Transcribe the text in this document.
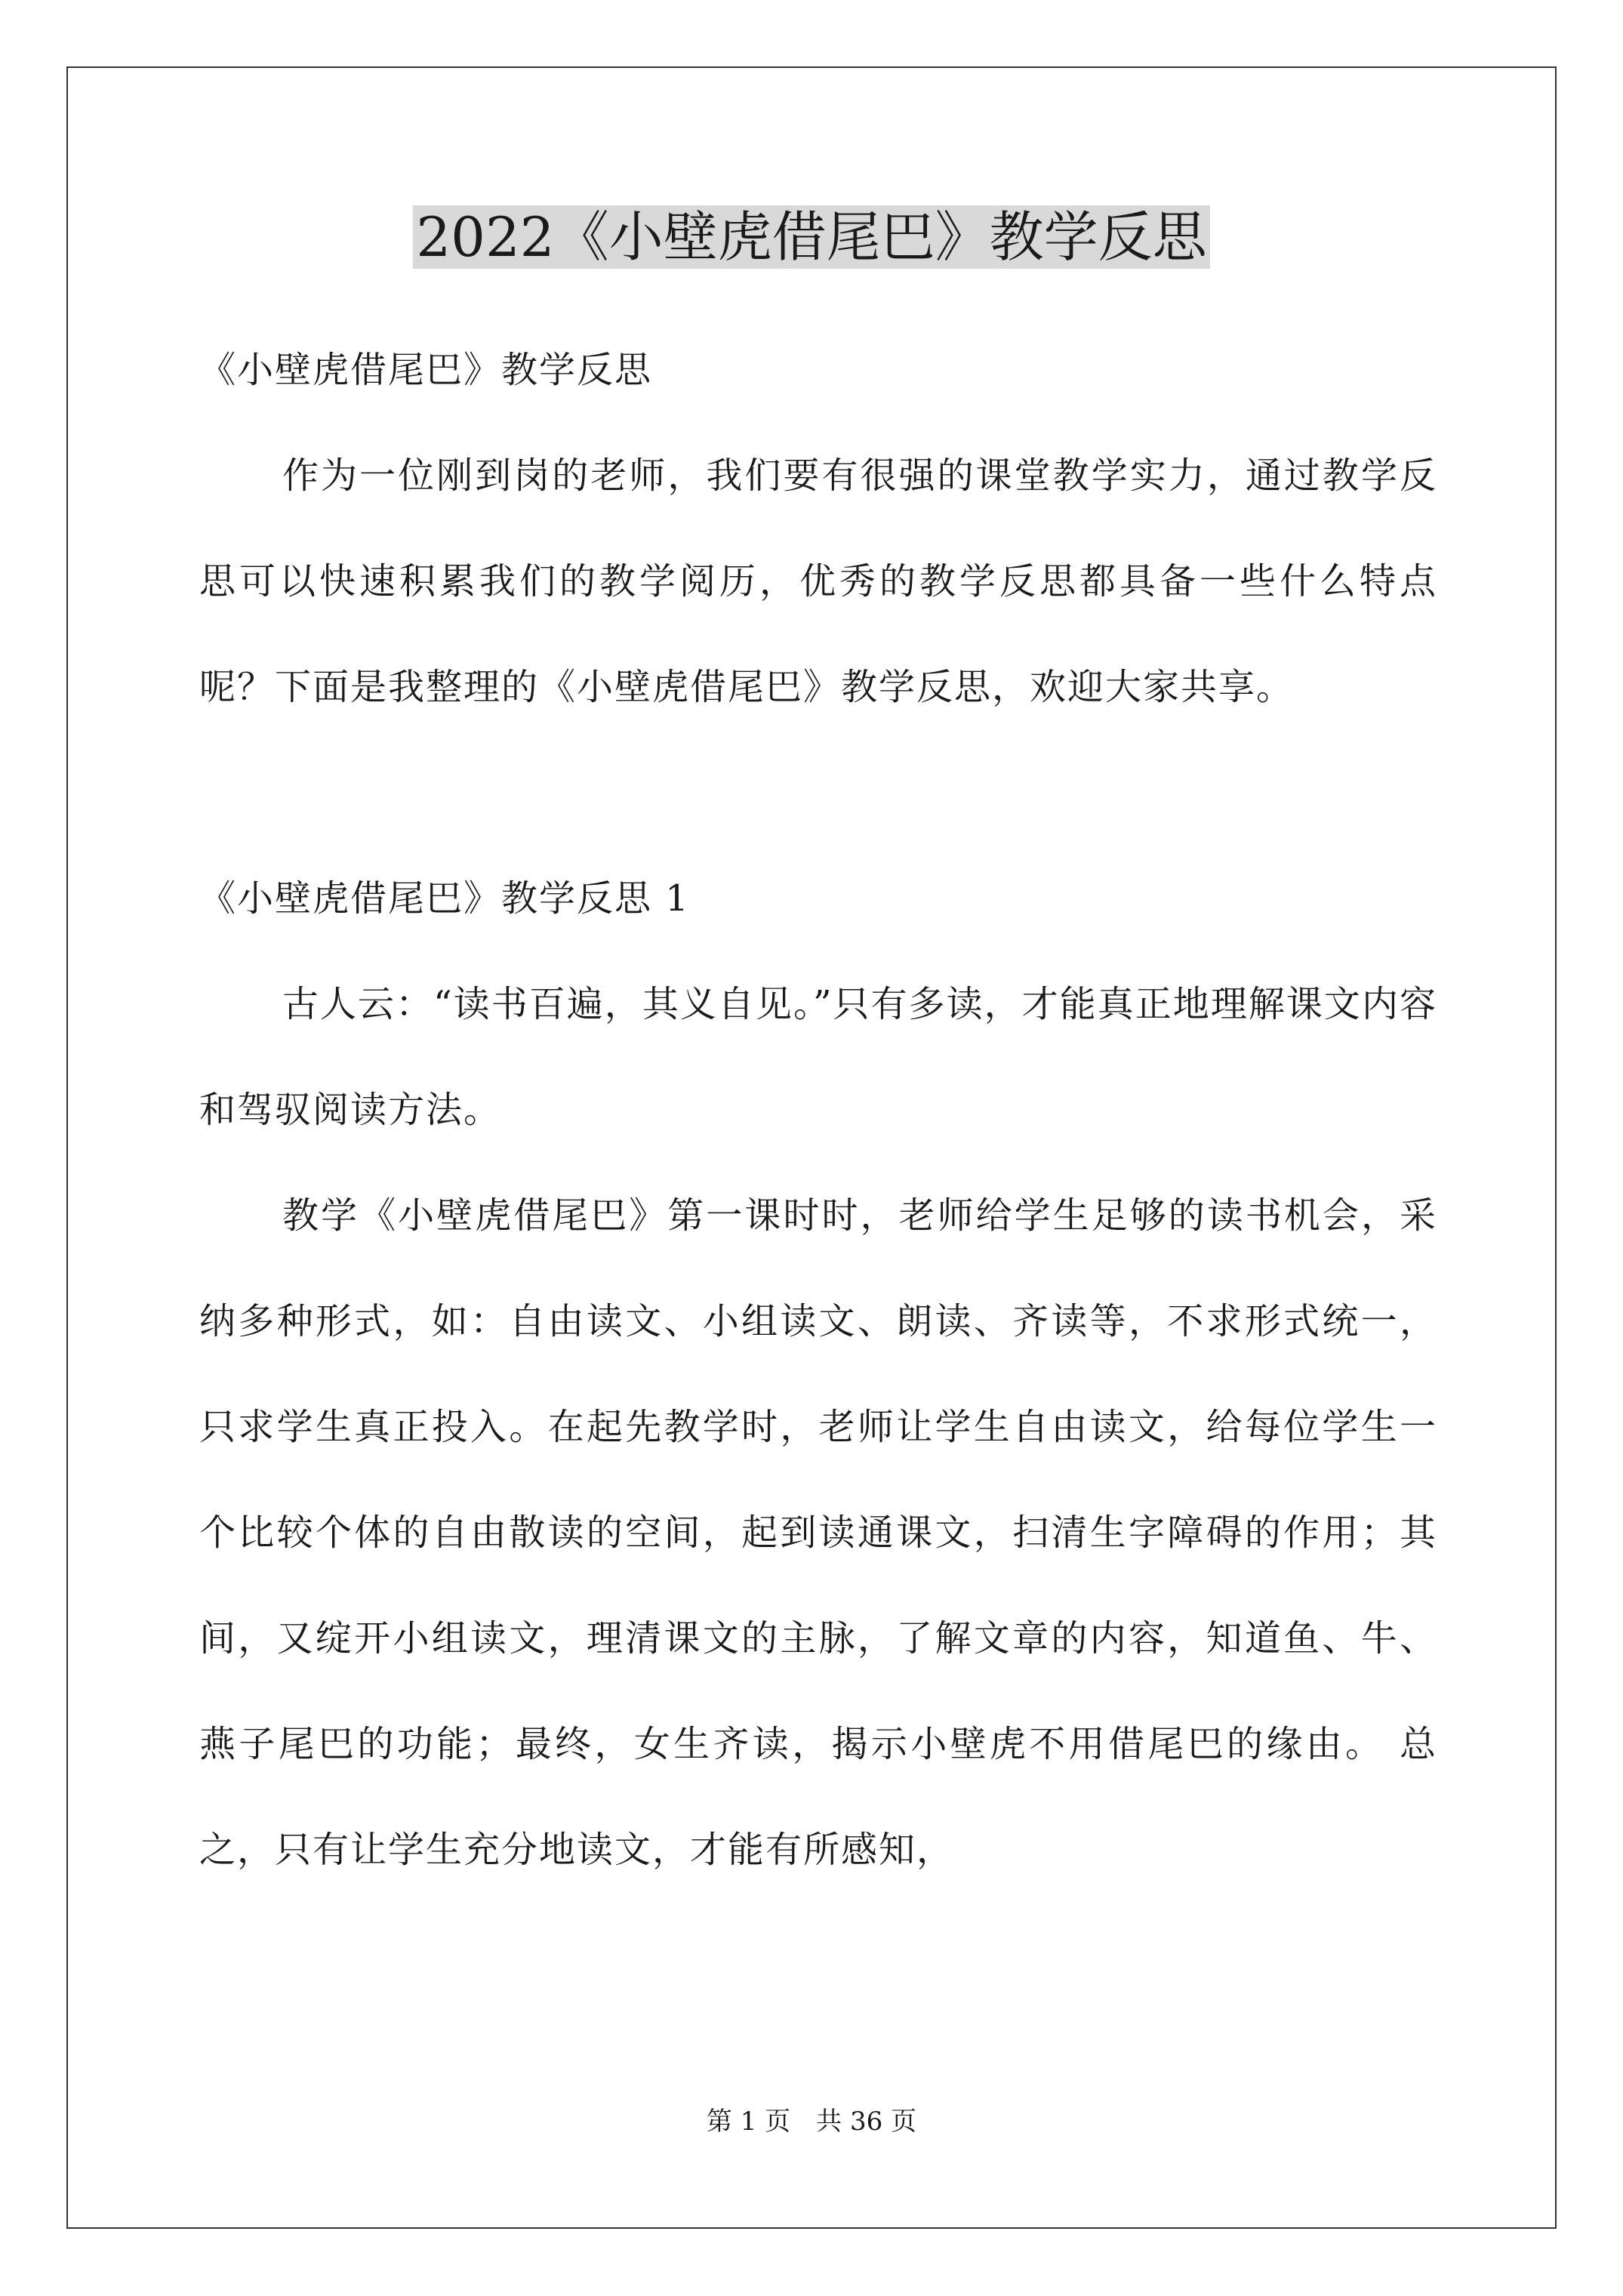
2022《小壁虎借尾巴》教学反思

《小壁虎借尾巴》教学反思

作为一位刚到岗的老师，我们要有很强的课堂教学实力，通过教学反思可以快速积累我们的教学阅历，优秀的教学反思都具备一些什么特点呢？下面是我整理的《小壁虎借尾巴》教学反思，欢迎大家共享。

《小壁虎借尾巴》教学反思 1

古人云：“读书百遍，其义自见。”只有多读，才能真正地理解课文内容和驾驭阅读方法。

教学《小壁虎借尾巴》第一课时时，老师给学生足够的读书机会，采纳多种形式，如：自由读文、小组读文、朗读、齐读等，不求形式统一，只求学生真正投入。在起先教学时，老师让学生自由读文，给每位学生一个比较个体的自由散读的空间，起到读通课文，扫清生字障碍的作用；其间，又绽开小组读文，理清课文的主脉，了解文章的内容，知道鱼、牛、燕子尾巴的功能；最终，女生齐读，揭示小壁虎不用借尾巴的缘由。 总之，只有让学生充分地读文，才能有所感知，

第 1 页 共 36 页
